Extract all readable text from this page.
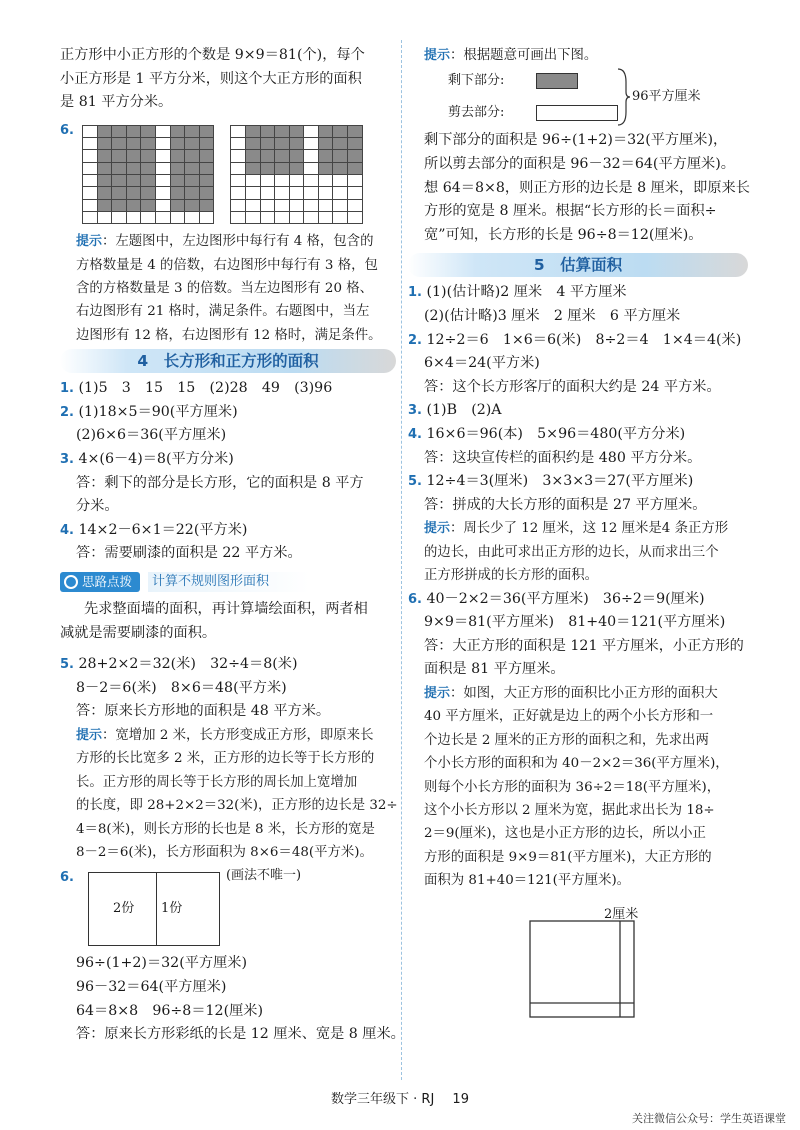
正方形中小正方形的个数是 9×9＝81(个)，每个

小正方形是 1 平方分米，则这个大正方形的面积

是 81 平方分米。

6.

提示：左题图中，左边图形中每行有 4 格，包含的

方格数量是 4 的倍数，右边图形中每行有 3 格，包

含的方格数量是 3 的倍数。当左边图形有 20 格、

右边图形有 21 格时，满足条件。右题图中，当左

边图形有 12 格，右边图形有 12 格时，满足条件。

4　长方形和正方形的面积

1. (1)5　3　15　15　(2)28　49　(3)96

2. (1)18×5＝90(平方厘米)

(2)6×6＝36(平方厘米)

3. 4×(6－4)＝8(平方分米)

答：剩下的部分是长方形，它的面积是 8 平方

分米。

4. 14×2－6×1＝22(平方米)

答：需要刷漆的面积是 22 平方米。

思路点拨	计算不规则图形面积

先求整面墙的面积，再计算墙绘面积，两者相

减就是需要刷漆的面积。

5. 28+2×2＝32(米)　32÷4＝8(米)

8－2＝6(米)　8×6＝48(平方米)

答：原来长方形地的面积是 48 平方米。

提示：宽增加 2 米，长方形变成正方形，即原来长

方形的长比宽多 2 米，正方形的边长等于长方形的

长。正方形的周长等于长方形的周长加上宽增加

的长度，即 28+2×2＝32(米)，正方形的边长是 32÷

4＝8(米)，则长方形的长也是 8 米，长方形的宽是

8－2＝6(米)，长方形面积为 8×6＝48(平方米)。

6.
2份 1份
(画法不唯一)

96÷(1+2)＝32(平方厘米)

96－32＝64(平方厘米)

64＝8×8　96÷8＝12(厘米)

答：原来长方形彩纸的长是 12 厘米、宽是 8 厘米。

提示：根据题意可画出下图。

剩下部分:
剪去部分:
96平方厘米

剩下部分的面积是 96÷(1+2)＝32(平方厘米)，

所以剪去部分的面积是 96－32＝64(平方厘米)。

想 64＝8×8，则正方形的边长是 8 厘米，即原来长

方形的宽是 8 厘米。根据“长方形的长＝面积÷

宽”可知，长方形的长是 96÷8＝12(厘米)。

5　估算面积

1. (1)(估计略)2 厘米　4 平方厘米

(2)(估计略)3 厘米　2 厘米　6 平方厘米

2. 12÷2＝6　1×6＝6(米)　8÷2＝4　1×4＝4(米)

6×4＝24(平方米)

答：这个长方形客厅的面积大约是 24 平方米。

3. (1)B　(2)A

4. 16×6＝96(本)　5×96＝480(平方分米)

答：这块宣传栏的面积约是 480 平方分米。

5. 12÷4＝3(厘米)　3×3×3＝27(平方厘米)

答：拼成的大长方形的面积是 27 平方厘米。

提示：周长少了 12 厘米，这 12 厘米是4 条正方形

的边长，由此可求出正方形的边长，从而求出三个

正方形拼成的长方形的面积。

6. 40－2×2＝36(平方厘米)　36÷2＝9(厘米)

9×9＝81(平方厘米)　81+40＝121(平方厘米)

答：大正方形的面积是 121 平方厘米，小正方形的

面积是 81 平方厘米。

提示：如图，大正方形的面积比小正方形的面积大

40 平方厘米，正好就是边上的两个小长方形和一

个边长是 2 厘米的正方形的面积之和，先求出两

个小长方形的面积和为 40－2×2＝36(平方厘米)，

则每个小长方形的面积为 36÷2＝18(平方厘米)，

这个小长方形以 2 厘米为宽，据此求出长为 18÷

2＝9(厘米)，这也是小正方形的边长，所以小正

方形的面积是 9×9＝81(平方厘米)，大正方形的

面积为 81+40＝121(平方厘米)。

2厘米
数学三年级下 · RJ 19
关注微信公众号：学生英语课堂
